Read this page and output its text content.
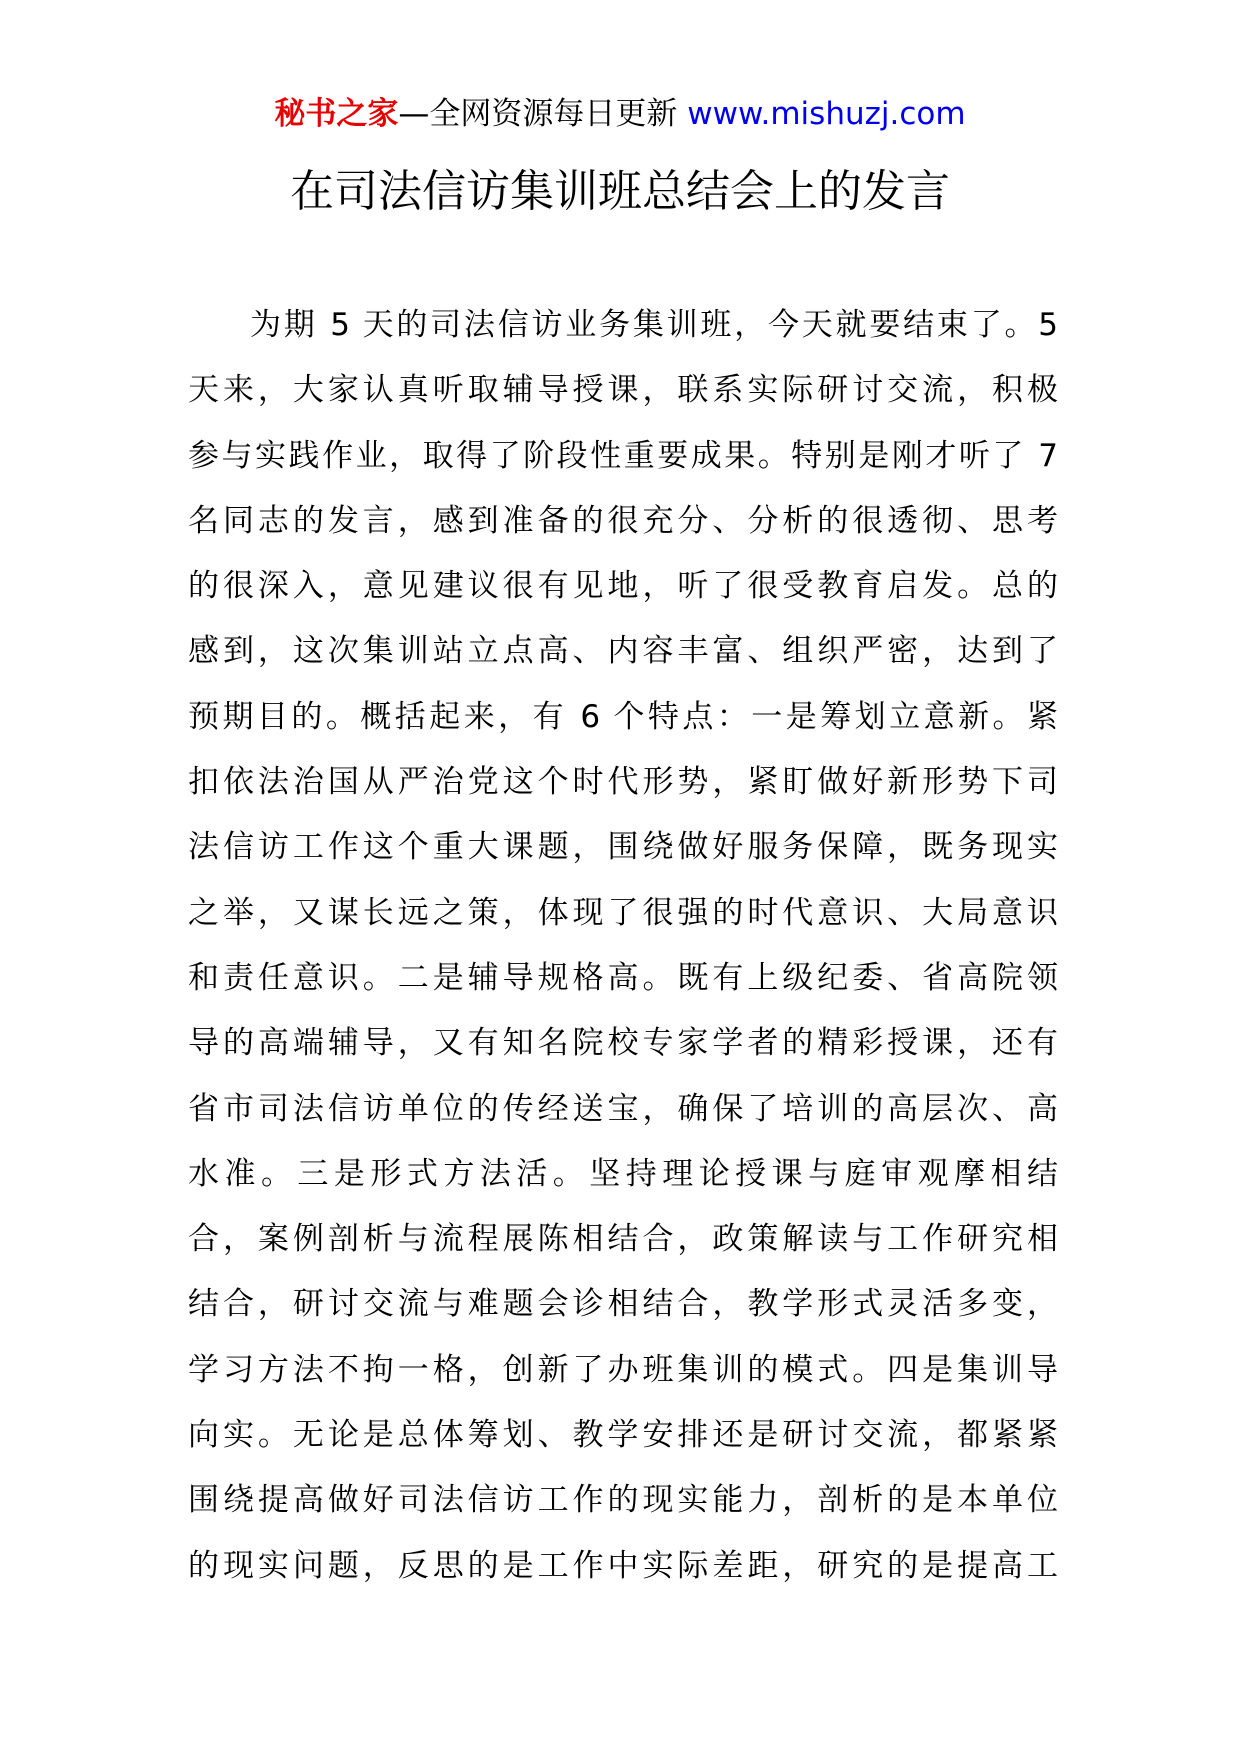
秘书之家—全网资源每日更新 www.mishuzj.com
在司法信访集训班总结会上的发言
为期 5 天的司法信访业务集训班，今天就要结束了。5
天来，大家认真听取辅导授课，联系实际研讨交流，积极
参与实践作业，取得了阶段性重要成果。特别是刚才听了 7
名同志的发言，感到准备的很充分、分析的很透彻、思考
的很深入，意见建议很有见地，听了很受教育启发。总的
感到，这次集训站立点高、内容丰富、组织严密，达到了
预期目的。概括起来，有 6 个特点：一是筹划立意新。紧
扣依法治国从严治党这个时代形势，紧盯做好新形势下司
法信访工作这个重大课题，围绕做好服务保障，既务现实
之举，又谋长远之策，体现了很强的时代意识、大局意识
和责任意识。二是辅导规格高。既有上级纪委、省高院领
导的高端辅导，又有知名院校专家学者的精彩授课，还有
省市司法信访单位的传经送宝，确保了培训的高层次、高
水准。三是形式方法活。坚持理论授课与庭审观摩相结
合，案例剖析与流程展陈相结合，政策解读与工作研究相
结合，研讨交流与难题会诊相结合，教学形式灵活多变，
学习方法不拘一格，创新了办班集训的模式。四是集训导
向实。无论是总体筹划、教学安排还是研讨交流，都紧紧
围绕提高做好司法信访工作的现实能力，剖析的是本单位
的现实问题，反思的是工作中实际差距，研究的是提高工
